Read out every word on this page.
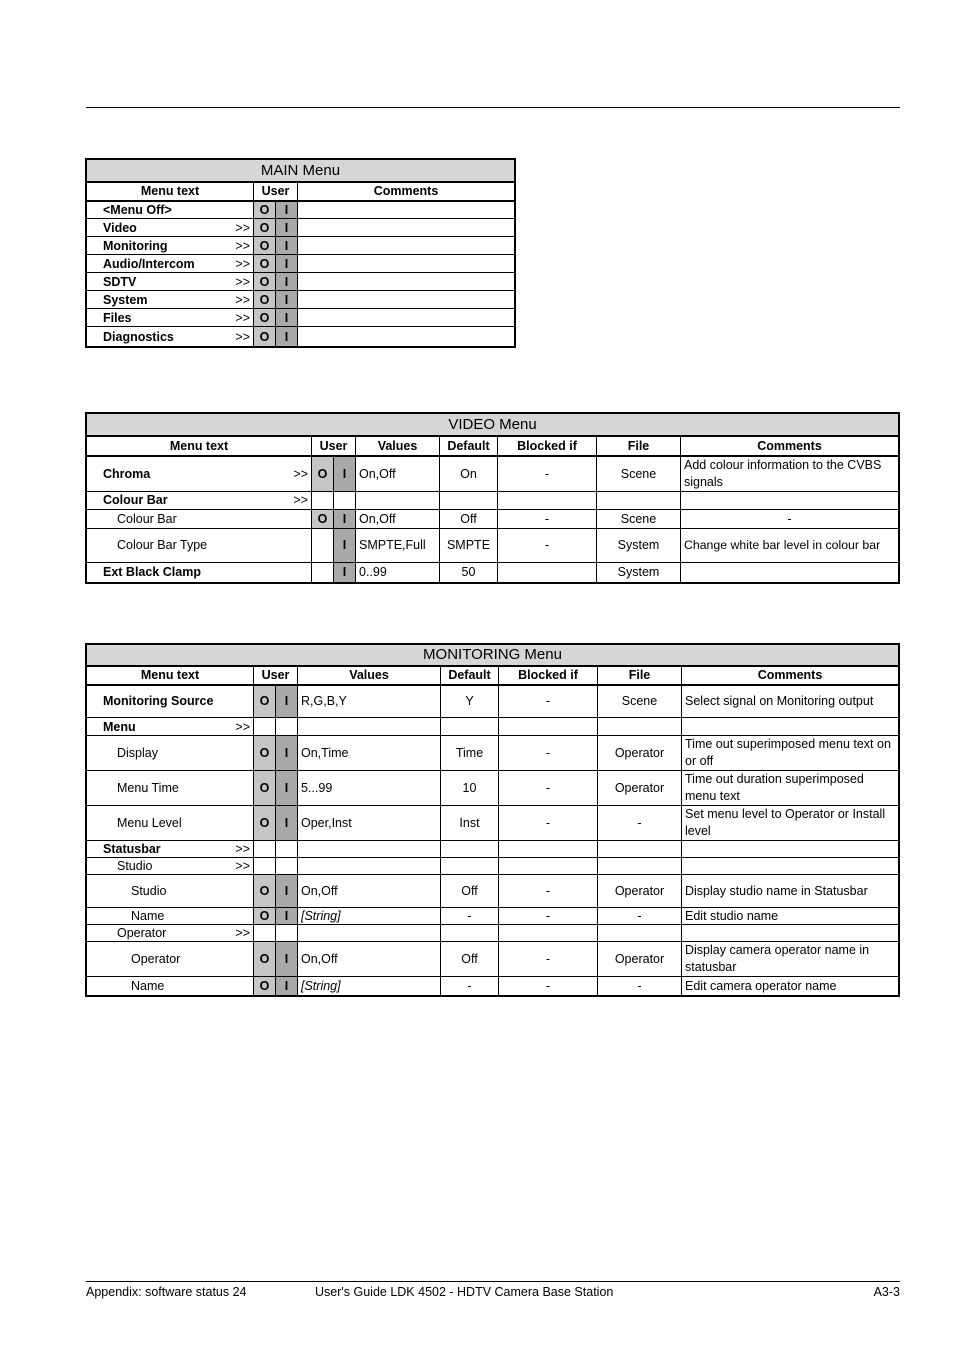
MAIN Menu			
Menu text	User		Comments
<Menu Off>	O	I	
Video >>	O	I	
Monitoring >>	O	I	
Audio/Intercom >>	O	I	
SDTV >>	O	I	
System >>	O	I	
Files >>	O	I	
Diagnostics >>	O	I	
VIDEO Menu							
Menu text	User		Values	Default	Blocked if	File	Comments
Chroma >>	O	I	On,Off	On	-	Scene	Add colour information to the CVBS signals
Colour Bar >>							

Colour Bar	O	I	On,Off	Off	-	Scene	-
Colour Bar Type		I	SMPTE,Full	SMPTE	-	System	Change white bar level in colour bar
Ext Black Clamp		I	0..99	50		System	
MONITORING Menu							
Menu text	User		Values	Default	Blocked if	File	Comments
Monitoring Source	O	I	R,G,B,Y	Y	-	Scene	Select signal on Monitoring output
Menu >>							

Display	O	I	On,Time	Time	-	Operator	Time out superimposed menu text on or off
Menu Time	O	I	5...99	10	-	Operator	Time out duration superimposed menu text
Menu Level	O	I	Oper,Inst	Inst	-	-	Set menu level to Operator or Install level
Statusbar >>							

Studio >>							

Studio	O	I	On,Off	Off	-	Operator	Display studio name in Statusbar
Name	O	I	[String]	-	-	-	Edit studio name
Operator >>							

Operator	O	I	On,Off	Off	-	Operator	Display camera operator name in statusbar
Name	O	I	[String]	-	-	-	Edit camera operator name
Appendix: software status 24	User's Guide LDK 4502 - HDTV Camera Base Station	A3-3
